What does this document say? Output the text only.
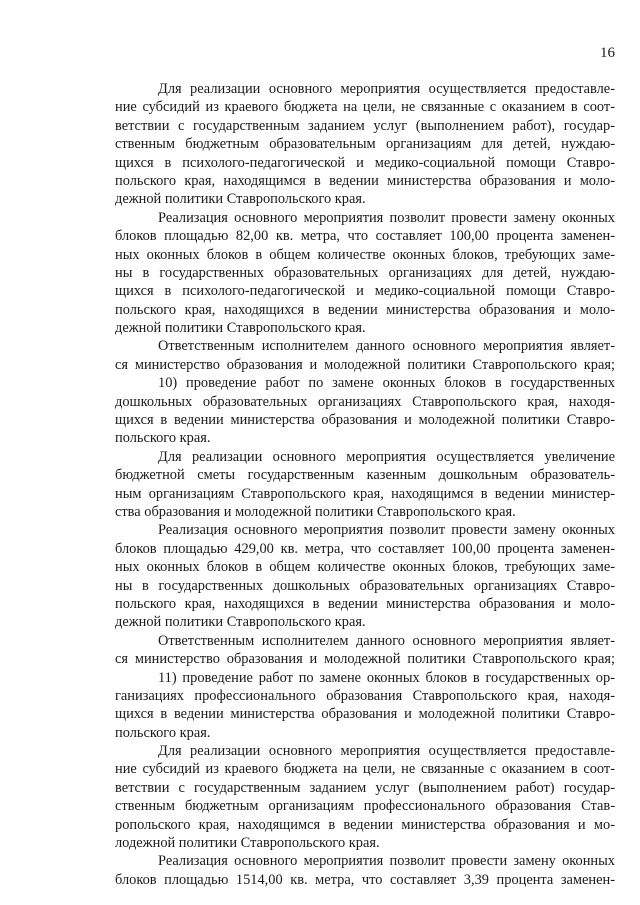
16
Для реализации основного мероприятия осуществляется предоставле-
ние субсидий из краевого бюджета на цели, не связанные с оказанием в соот-
ветствии с государственным заданием услуг (выполнением работ), государ-
ственным бюджетным образовательным организациям для детей, нуждаю-
щихся в психолого-педагогической и медико-социальной помощи Ставро-
польского края, находящимся в ведении министерства образования и моло-
дежной политики Ставропольского края.
Реализация основного мероприятия позволит провести замену оконных
блоков площадью 82,00 кв. метра, что составляет 100,00 процента заменен-
ных оконных блоков в общем количестве оконных блоков, требующих заме-
ны в государственных образовательных организациях для детей, нуждаю-
щихся в психолого-педагогической и медико-социальной помощи Ставро-
польского края, находящихся в ведении министерства образования и моло-
дежной политики Ставропольского края.
Ответственным исполнителем данного основного мероприятия являет-
ся министерство образования и молодежной политики Ставропольского края;
10) проведение работ по замене оконных блоков в государственных
дошкольных образовательных организациях Ставропольского края, находя-
щихся в ведении министерства образования и молодежной политики Ставро-
польского края.
Для реализации основного мероприятия осуществляется увеличение
бюджетной сметы государственным казенным дошкольным образователь-
ным организациям Ставропольского края, находящимся в ведении министер-
ства образования и молодежной политики Ставропольского края.
Реализация основного мероприятия позволит провести замену оконных
блоков площадью 429,00 кв. метра, что составляет 100,00 процента заменен-
ных оконных блоков в общем количестве оконных блоков, требующих заме-
ны в государственных дошкольных образовательных организациях Ставро-
польского края, находящихся в ведении министерства образования и моло-
дежной политики Ставропольского края.
Ответственным исполнителем данного основного мероприятия являет-
ся министерство образования и молодежной политики Ставропольского края;
11) проведение работ по замене оконных блоков в государственных ор-
ганизациях профессионального образования Ставропольского края, находя-
щихся в ведении министерства образования и молодежной политики Ставро-
польского края.
Для реализации основного мероприятия осуществляется предоставле-
ние субсидий из краевого бюджета на цели, не связанные с оказанием в соот-
ветствии с государственным заданием услуг (выполнением работ) государ-
ственным бюджетным организациям профессионального образования Став-
ропольского края, находящимся в ведении министерства образования и мо-
лодежной политики Ставропольского края.
Реализация основного мероприятия позволит провести замену оконных
блоков площадью 1514,00 кв. метра, что составляет 3,39 процента заменен-
